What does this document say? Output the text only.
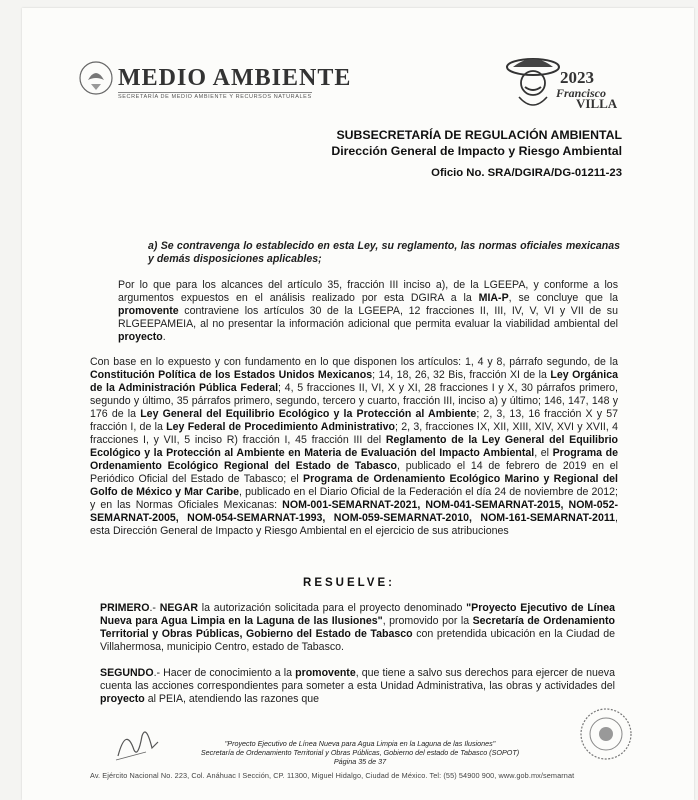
MEDIO AMBIENTE
SECRETARÍA DE MEDIO AMBIENTE Y RECURSOS NATURALES
2023
Francisco
VILLA
SUBSECRETARÍA DE REGULACIÓN AMBIENTAL
Dirección General de Impacto y Riesgo Ambiental
Oficio No. SRA/DGIRA/DG-01211-23
a) Se contravenga lo establecido en esta Ley, su reglamento, las normas oficiales mexicanas y demás disposiciones aplicables;
Por lo que para los alcances del artículo 35, fracción III inciso a), de la LGEEPA, y conforme a los argumentos expuestos en el análisis realizado por esta DGIRA a la MIA-P, se concluye que la promovente contraviene los artículos 30 de la LGEEPA, 12 fracciones II, III, IV, V, VI y VII de su RLGEEPAMEIA, al no presentar la información adicional que permita evaluar la viabilidad ambiental del proyecto.
Con base en lo expuesto y con fundamento en lo que disponen los artículos: 1, 4 y 8, párrafo segundo, de la Constitución Política de los Estados Unidos Mexicanos; 14, 18, 26, 32 Bis, fracción XI de la Ley Orgánica de la Administración Pública Federal; 4, 5 fracciones II, VI, X y XI, 28 fracciones I y X, 30 párrafos primero, segundo y último, 35 párrafos primero, segundo, tercero y cuarto, fracción III, inciso a) y último; 146, 147, 148 y 176 de la Ley General del Equilibrio Ecológico y la Protección al Ambiente; 2, 3, 13, 16 fracción X y 57 fracción I, de la Ley Federal de Procedimiento Administrativo; 2, 3, fracciones IX, XII, XIII, XIV, XVI y XVII, 4 fracciones I, y VII, 5 inciso R) fracción I, 45 fracción III del Reglamento de la Ley General del Equilibrio Ecológico y la Protección al Ambiente en Materia de Evaluación del Impacto Ambiental, el Programa de Ordenamiento Ecológico Regional del Estado de Tabasco, publicado el 14 de febrero de 2019 en el Periódico Oficial del Estado de Tabasco; el Programa de Ordenamiento Ecológico Marino y Regional del Golfo de México y Mar Caribe, publicado en el Diario Oficial de la Federación el día 24 de noviembre de 2012; y en las Normas Oficiales Mexicanas: NOM-001-SEMARNAT-2021, NOM-041-SEMARNAT-2015, NOM-052-SEMARNAT-2005, NOM-054-SEMARNAT-1993, NOM-059-SEMARNAT-2010, NOM-161-SEMARNAT-2011, esta Dirección General de Impacto y Riesgo Ambiental en el ejercicio de sus atribuciones
RESUELVE:
PRIMERO.- NEGAR la autorización solicitada para el proyecto denominado "Proyecto Ejecutivo de Línea Nueva para Agua Limpia en la Laguna de las Ilusiones", promovido por la Secretaría de Ordenamiento Territorial y Obras Públicas, Gobierno del Estado de Tabasco con pretendida ubicación en la Ciudad de Villahermosa, municipio Centro, estado de Tabasco.
SEGUNDO.- Hacer de conocimiento a la promovente, que tiene a salvo sus derechos para ejercer de nueva cuenta las acciones correspondientes para someter a esta Unidad Administrativa, las obras y actividades del proyecto al PEIA, atendiendo las razones que
"Proyecto Ejecutivo de Línea Nueva para Agua Limpia en la Laguna de las Ilusiones"
Secretaría de Ordenamiento Territorial y Obras Públicas, Gobierno del estado de Tabasco (SOPOT)
Página 35 de 37
Av. Ejército Nacional No. 223, Col. Anáhuac I Sección, CP. 11300, Miguel Hidalgo, Ciudad de México. Tel: (55) 54900 900, www.gob.mx/semarnat
